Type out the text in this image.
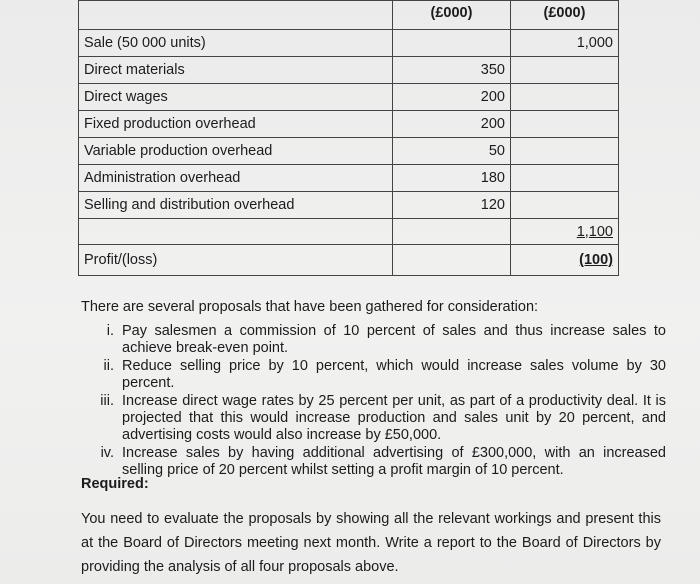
	(£000)	(£000)
Sale (50 000 units)		1,000
Direct materials	350	
Direct wages	200	
Fixed production overhead	200	
Variable production overhead	50	
Administration overhead	180	
Selling and distribution overhead	120	
		1,100
Profit/(loss)		(100)
There are several proposals that have been gathered for consideration:
i. Pay salesmen a commission of 10 percent of sales and thus increase sales to achieve break-even point.
ii. Reduce selling price by 10 percent, which would increase sales volume by 30 percent.
iii. Increase direct wage rates by 25 percent per unit, as part of a productivity deal. It is projected that this would increase production and sales unit by 20 percent, and advertising costs would also increase by £50,000.
iv. Increase sales by having additional advertising of £300,000, with an increased selling price of 20 percent whilst setting a profit margin of 10 percent.
Required:
You need to evaluate the proposals by showing all the relevant workings and present this at the Board of Directors meeting next month. Write a report to the Board of Directors by providing the analysis of all four proposals above.
